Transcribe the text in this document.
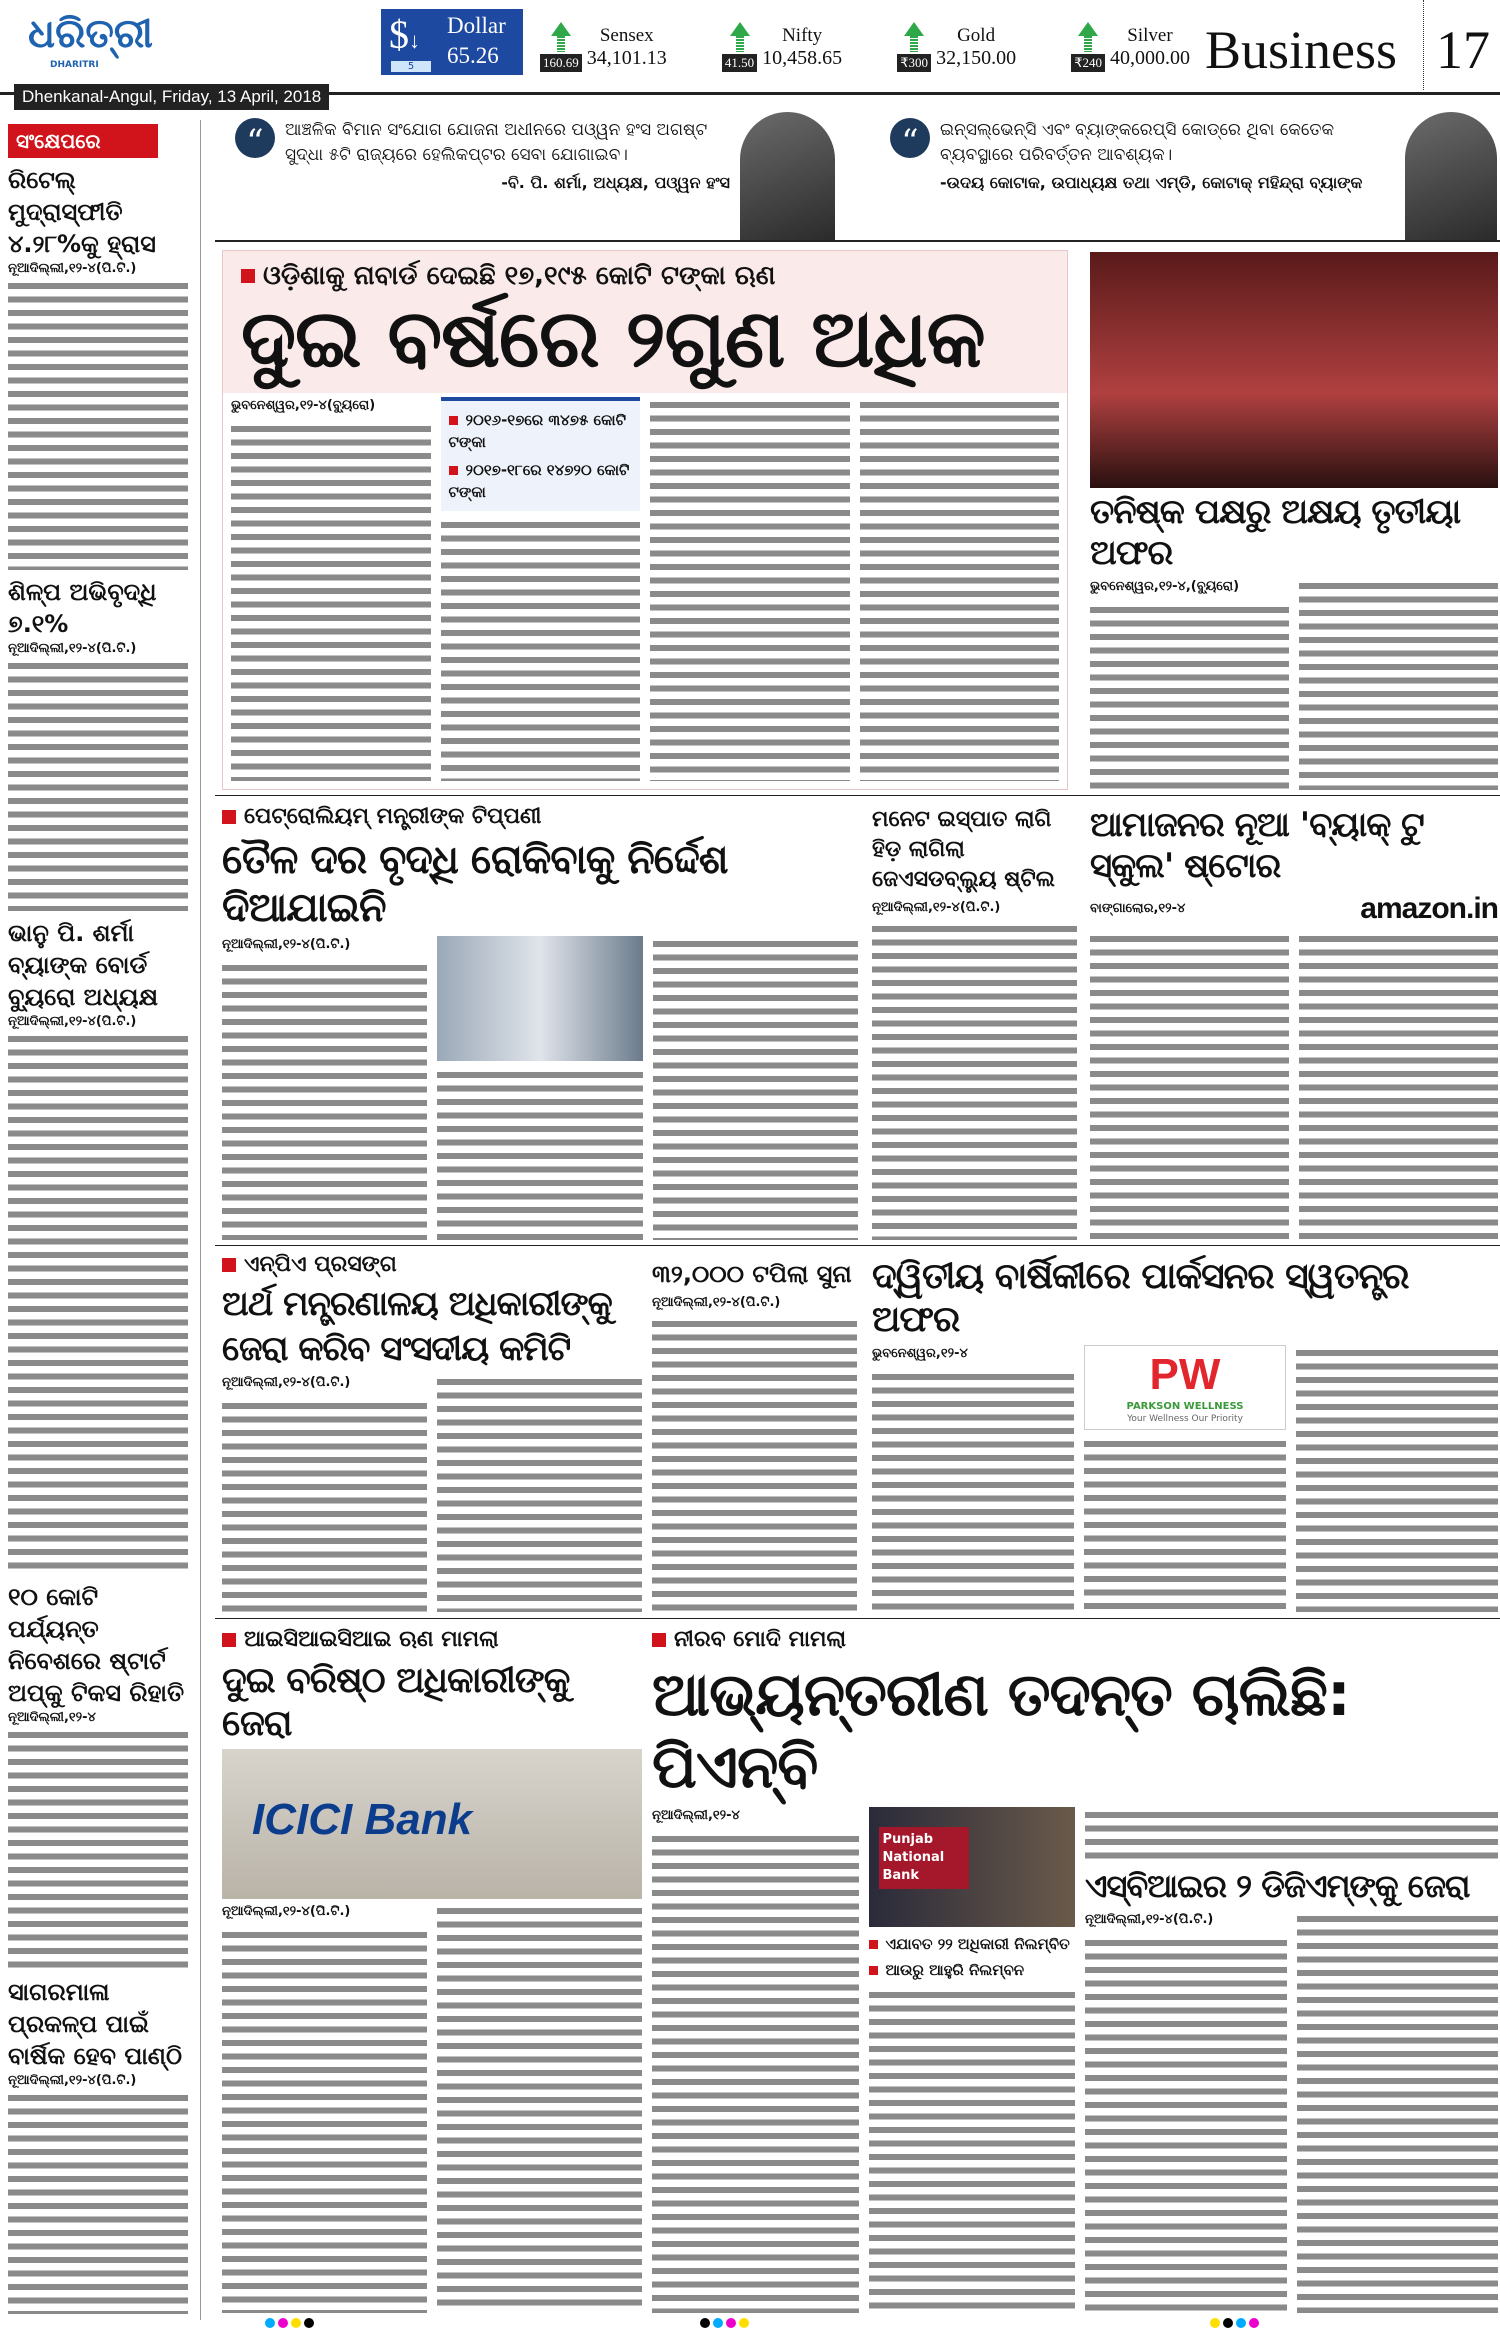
ଧରିତ୍ରୀ
DHARITRI
$↓
Dollar
65.26
5	160.69
Sensex
34,101.13	41.50
Nifty
10,458.65	₹300
Gold
32,150.00	₹240
Silver
40,000.00 Business 17
Dhenkanal-Angul, Friday, 13 April, 2018
ସଂକ୍ଷେପରେ
ରିଟେଲ୍ ମୁଦ୍ରାସ୍ଫୀତି ୪.୨୮%କୁ ହ୍ରାସ
ନୂଆଦିଲ୍ଲୀ,୧୨-୪(ପି.ଟି.)
ଶିଳ୍ପ ଅଭିବୃଦ୍ଧି ୭.୧%
ନୂଆଦିଲ୍ଲୀ,୧୨-୪(ପି.ଟି.)
ଭାନୁ ପି. ଶର୍ମା ବ୍ୟାଙ୍କ ବୋର୍ଡ ବ୍ୟୁରୋ ଅଧ୍ୟକ୍ଷ
ନୂଆଦିଲ୍ଲୀ,୧୨-୪(ପି.ଟି.)
୧୦ କୋଟି ପର୍ଯ୍ୟନ୍ତ ନିବେଶରେ ଷ୍ଟାର୍ଟ ଅପ୍‌କୁ ଟିକସ ରିହାତି
ନୂଆଦିଲ୍ଲୀ,୧୨-୪
ସାଗରମାଳା ପ୍ରକଳ୍ପ ପାଇଁ ବାର୍ଷିକ ହେବ ପାଣ୍ଠି
ନୂଆଦିଲ୍ଲୀ,୧୨-୪(ପି.ଟି.)
“	ଆଞ୍ଚଳିକ ବିମାନ ସଂଯୋଗ ଯୋଜନା ଅଧୀନରେ ପଓ୍ୱନ ହଂସ ଅଗଷ୍ଟ ସୁଦ୍ଧା ୫ଟି ରାଜ୍ୟରେ ହେଲିକପ୍ଟର ସେବା ଯୋଗାଇବ।
-ବି. ପି. ଶର୍ମା, ଅଧ୍ୟକ୍ଷ, ପଓ୍ୱନ ହଂସ
“	ଇନ୍‌ସଲ୍‌ଭେନ୍ସି ଏବଂ ବ୍ୟାଙ୍କରେପ୍ସି କୋଡ୍‌ରେ ଥିବା କେତେକ ବ୍ୟବସ୍ଥାରେ ପରିବର୍ତ୍ତନ ଆବଶ୍ୟକ।
-ଉଦୟ କୋଟାକ, ଉପାଧ୍ୟକ୍ଷ ତଥା ଏମ୍‌ଡି, କୋଟାକ୍ ମହିନ୍ଦ୍ରା ବ୍ୟାଙ୍କ
ଓଡ଼ିଶାକୁ ନାବାର୍ଡ ଦେଇଛି ୧୭,୧୯୫ କୋଟି ଟଙ୍କା ଋଣ
ଦୁଇ ବର୍ଷରେ ୨ଗୁଣ ଅଧିକ
ଭୁବନେଶ୍ୱର,୧୨-୪(ବ୍ୟୁରୋ)
୨୦୧୬-୧୭ରେ ୩୪୭୫ କୋଟି ଟଙ୍କା
୨୦୧୭-୧୮ରେ ୧୪୭୨୦ କୋଟି ଟଙ୍କା	ତନିଷ୍କ ପକ୍ଷରୁ ଅକ୍ଷୟ ତୃତୀୟା ଅଫର
ଭୁବନେଶ୍ୱର,୧୨-୪,(ବ୍ୟୁରୋ)
ପେଟ୍ରୋଲିୟମ୍ ମନ୍ତ୍ରୀଙ୍କ ଟିପ୍ପଣୀ
ତୈଳ ଦର ବୃଦ୍ଧି ରୋକିବାକୁ ନିର୍ଦ୍ଦେଶ ଦିଆଯାଇନି
ନୂଆଦିଲ୍ଲୀ,୧୨-୪(ପି.ଟି.)
ମନେଟ ଇସ୍ପାତ ଲାଗି ହିଡ଼ ଲାଗିଲା ଜେଏସଡବ୍ଲ୍ୟୁ ଷ୍ଟିଲ
ନୂଆଦିଲ୍ଲୀ,୧୨-୪(ପି.ଟି.)
ଆମାଜନର ନୂଆ 'ବ୍ୟାକ୍ ଟୁ ସ୍କୁଲ' ଷ୍ଟୋର
ବାଙ୍ଗାଲୋର,୧୨-୪	amazon.in
ଏନ୍‌ପିଏ ପ୍ରସଙ୍ଗ
ଅର୍ଥ ମନ୍ତ୍ରଣାଳୟ ଅଧିକାରୀଙ୍କୁ
ଜେରା କରିବ ସଂସଦୀୟ କମିଟି
ନୂଆଦିଲ୍ଲୀ,୧୨-୪(ପି.ଟି.)
୩୨,୦୦୦ ଟପିଲା ସୁନା
ନୂଆଦିଲ୍ଲୀ,୧୨-୪(ପି.ଟି.)
ଦ୍ୱିତୀୟ ବାର୍ଷିକୀରେ ପାର୍କସନର ସ୍ୱତନ୍ତ୍ର ଅଫର
ଭୁବନେଶ୍ୱର,୧୨-୪	PW
PARKSON WELLNESS
Your Wellness Our Priority
ଆଇସିଆଇସିଆଇ ଋଣ ମାମଲା
ଦୁଇ ବରିଷ୍ଠ ଅଧିକାରୀଙ୍କୁ ଜେରା
ICICI Bank
ନୂଆଦିଲ୍ଲୀ,୧୨-୪(ପି.ଟି.)
ନୀରବ ମୋଦି ମାମଲା
ଆଭ୍ୟନ୍ତରୀଣ ତଦନ୍ତ ଚାଲିଛି: ପିଏନ୍‌ବି
ନୂଆଦିଲ୍ଲୀ,୧୨-୪
Punjab National Bank
ଏଯାବତ ୨୨ ଅଧିକାରୀ ନିଲମ୍ବିତ
ଆଉରୁ ଆହୁରି ନିଲମ୍ବନ
ଏସ୍‌ବିଆଇର ୨ ଡିଜିଏମ୍‌ଙ୍କୁ ଜେରା
ନୂଆଦିଲ୍ଲୀ,୧୨-୪(ପି.ଟି.)
